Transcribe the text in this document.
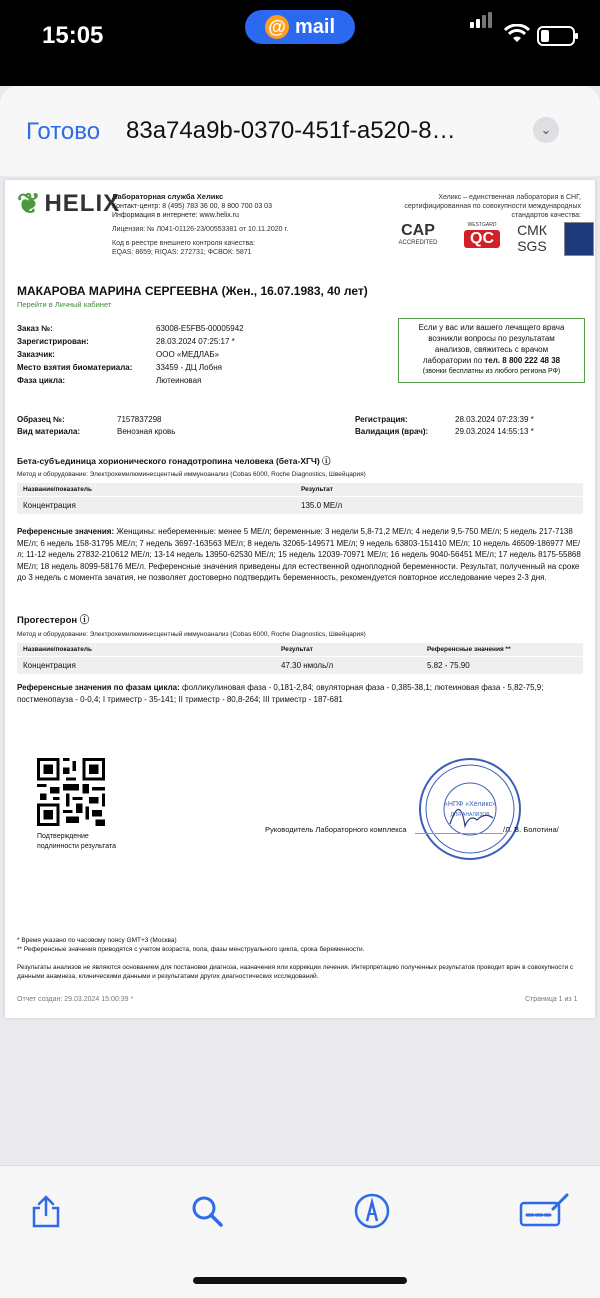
15:05	@ mail
Готово 83a74a9b-0370-451f-a520-8…	⌄
❦ HELIX
Лабораторная служба Хеликс
Контакт-центр: 8 (495) 783 36 00, 8 800 700 03 03
Информация в интернете: www.helix.ru
Лицензия: № Л041-01126-23/00553381 от 10.11.2020 г.
Код в реестре внешнего контроля качества:
EQAS: 8659; RIQAS: 272731; ФСВОК: 5871
Хеликс – единственная лаборатория в СНГ, сертифицированная по совокупности международных стандартов качества:
CAP
ACCREDITED
WESTGARD
QC	СМК
SGS
МАКАРОВА МАРИНА СЕРГЕЕВНА (Жен., 16.07.1983, 40 лет)
Перейти в Личный кабинет
Заказ №:	63008-E5FB5-00005942
Зарегистрирован:	28.03.2024 07:25:17 *
Заказчик:	ООО «МЕДЛАБ»
Место взятия биоматериала:	33459 - ДЦ Лобня
Фаза цикла:	Лютеиновая
Если у вас или вашего лечащего врача
возникли вопросы по результатам
анализов, свяжитесь с врачом
лаборатории по тел. 8 800 222 48 38
(звонки бесплатны из любого региона РФ)
Образец №:	7157837298	Регистрация:	28.03.2024 07:23:39 *
Вид материала:	Венозная кровь	Валидация (врач):	29.03.2024 14:55:13 *
Бета-субъединица хорионического гонадотропина человека (бета-ХГЧ) ⓘ
Метод и оборудование: Электрохемилюминесцентный иммуноанализ (Cobas 6000, Roche Diagnostics, Швейцария)
Название/показатель	Результат
Концентрация	135.0 МЕ/л
Референсные значения: Женщины: небеременные: менее 5 МЕ/л; беременные: 3 недели 5,8-71,2 МЕ/л; 4 недели 9,5-750 МЕ/л; 5 недель 217-7138 МЕ/л; 6 недель 158-31795 МЕ/л; 7 недель 3697-163563 МЕ/л; 8 недель 32065-149571 МЕ/л; 9 недель 63803-151410 МЕ/л; 10 недель 46509-186977 МЕ/л; 11-12 недель 27832-210612 МЕ/л; 13-14 недель 13950-62530 МЕ/л; 15 недель 12039-70971 МЕ/л; 16 недель 9040-56451 МЕ/л; 17 недель 8175-55868 МЕ/л; 18 недель 8099-58176 МЕ/л. Референсные значения приведены для естественной одноплодной беременности. Результат, полученный на сроке до 3 недель с момента зачатия, не позволяет достоверно подтвердить беременность, рекомендуется повторное исследование через 2-3 дня.
Прогестерон ⓘ
Метод и оборудование: Электрохемилюминесцентный иммуноанализ (Cobas 6000, Roche Diagnostics, Швейцария)
Название/показатель	Результат	Референсные значения **
Концентрация	47.30 нмоль/л	5.82 - 75.90
Референсные значения по фазам цикла: фолликулиновая фаза - 0,181-2,84; овуляторная фаза - 0,385-38,1; лютеиновая фаза - 5,82-75,9; постменопауза - 0-0,4; I триместр - 35-141; II триместр - 80,8-264; III триместр - 187-681
Подтверждение
подлинности результата
«НПФ «Хеликс»
ДЛЯ АНАЛИЗОВ
Руководитель Лабораторного комплекса	/Л. В. Болотина/
* Время указано по часовому поясу GMT+3 (Москва)
** Референсные значения приводятся с учетом возраста, пола, фазы менструального цикла, срока беременности.
Результаты анализов не являются основанием для постановки диагноза, назначения или коррекции лечения. Интерпретацию полученных результатов проводит врач в совокупности с данными анамнеза, клиническими данными и результатами других диагностических исследований.
Отчет создан: 29.03.2024 15:00:39 *	Страница 1 из 1
